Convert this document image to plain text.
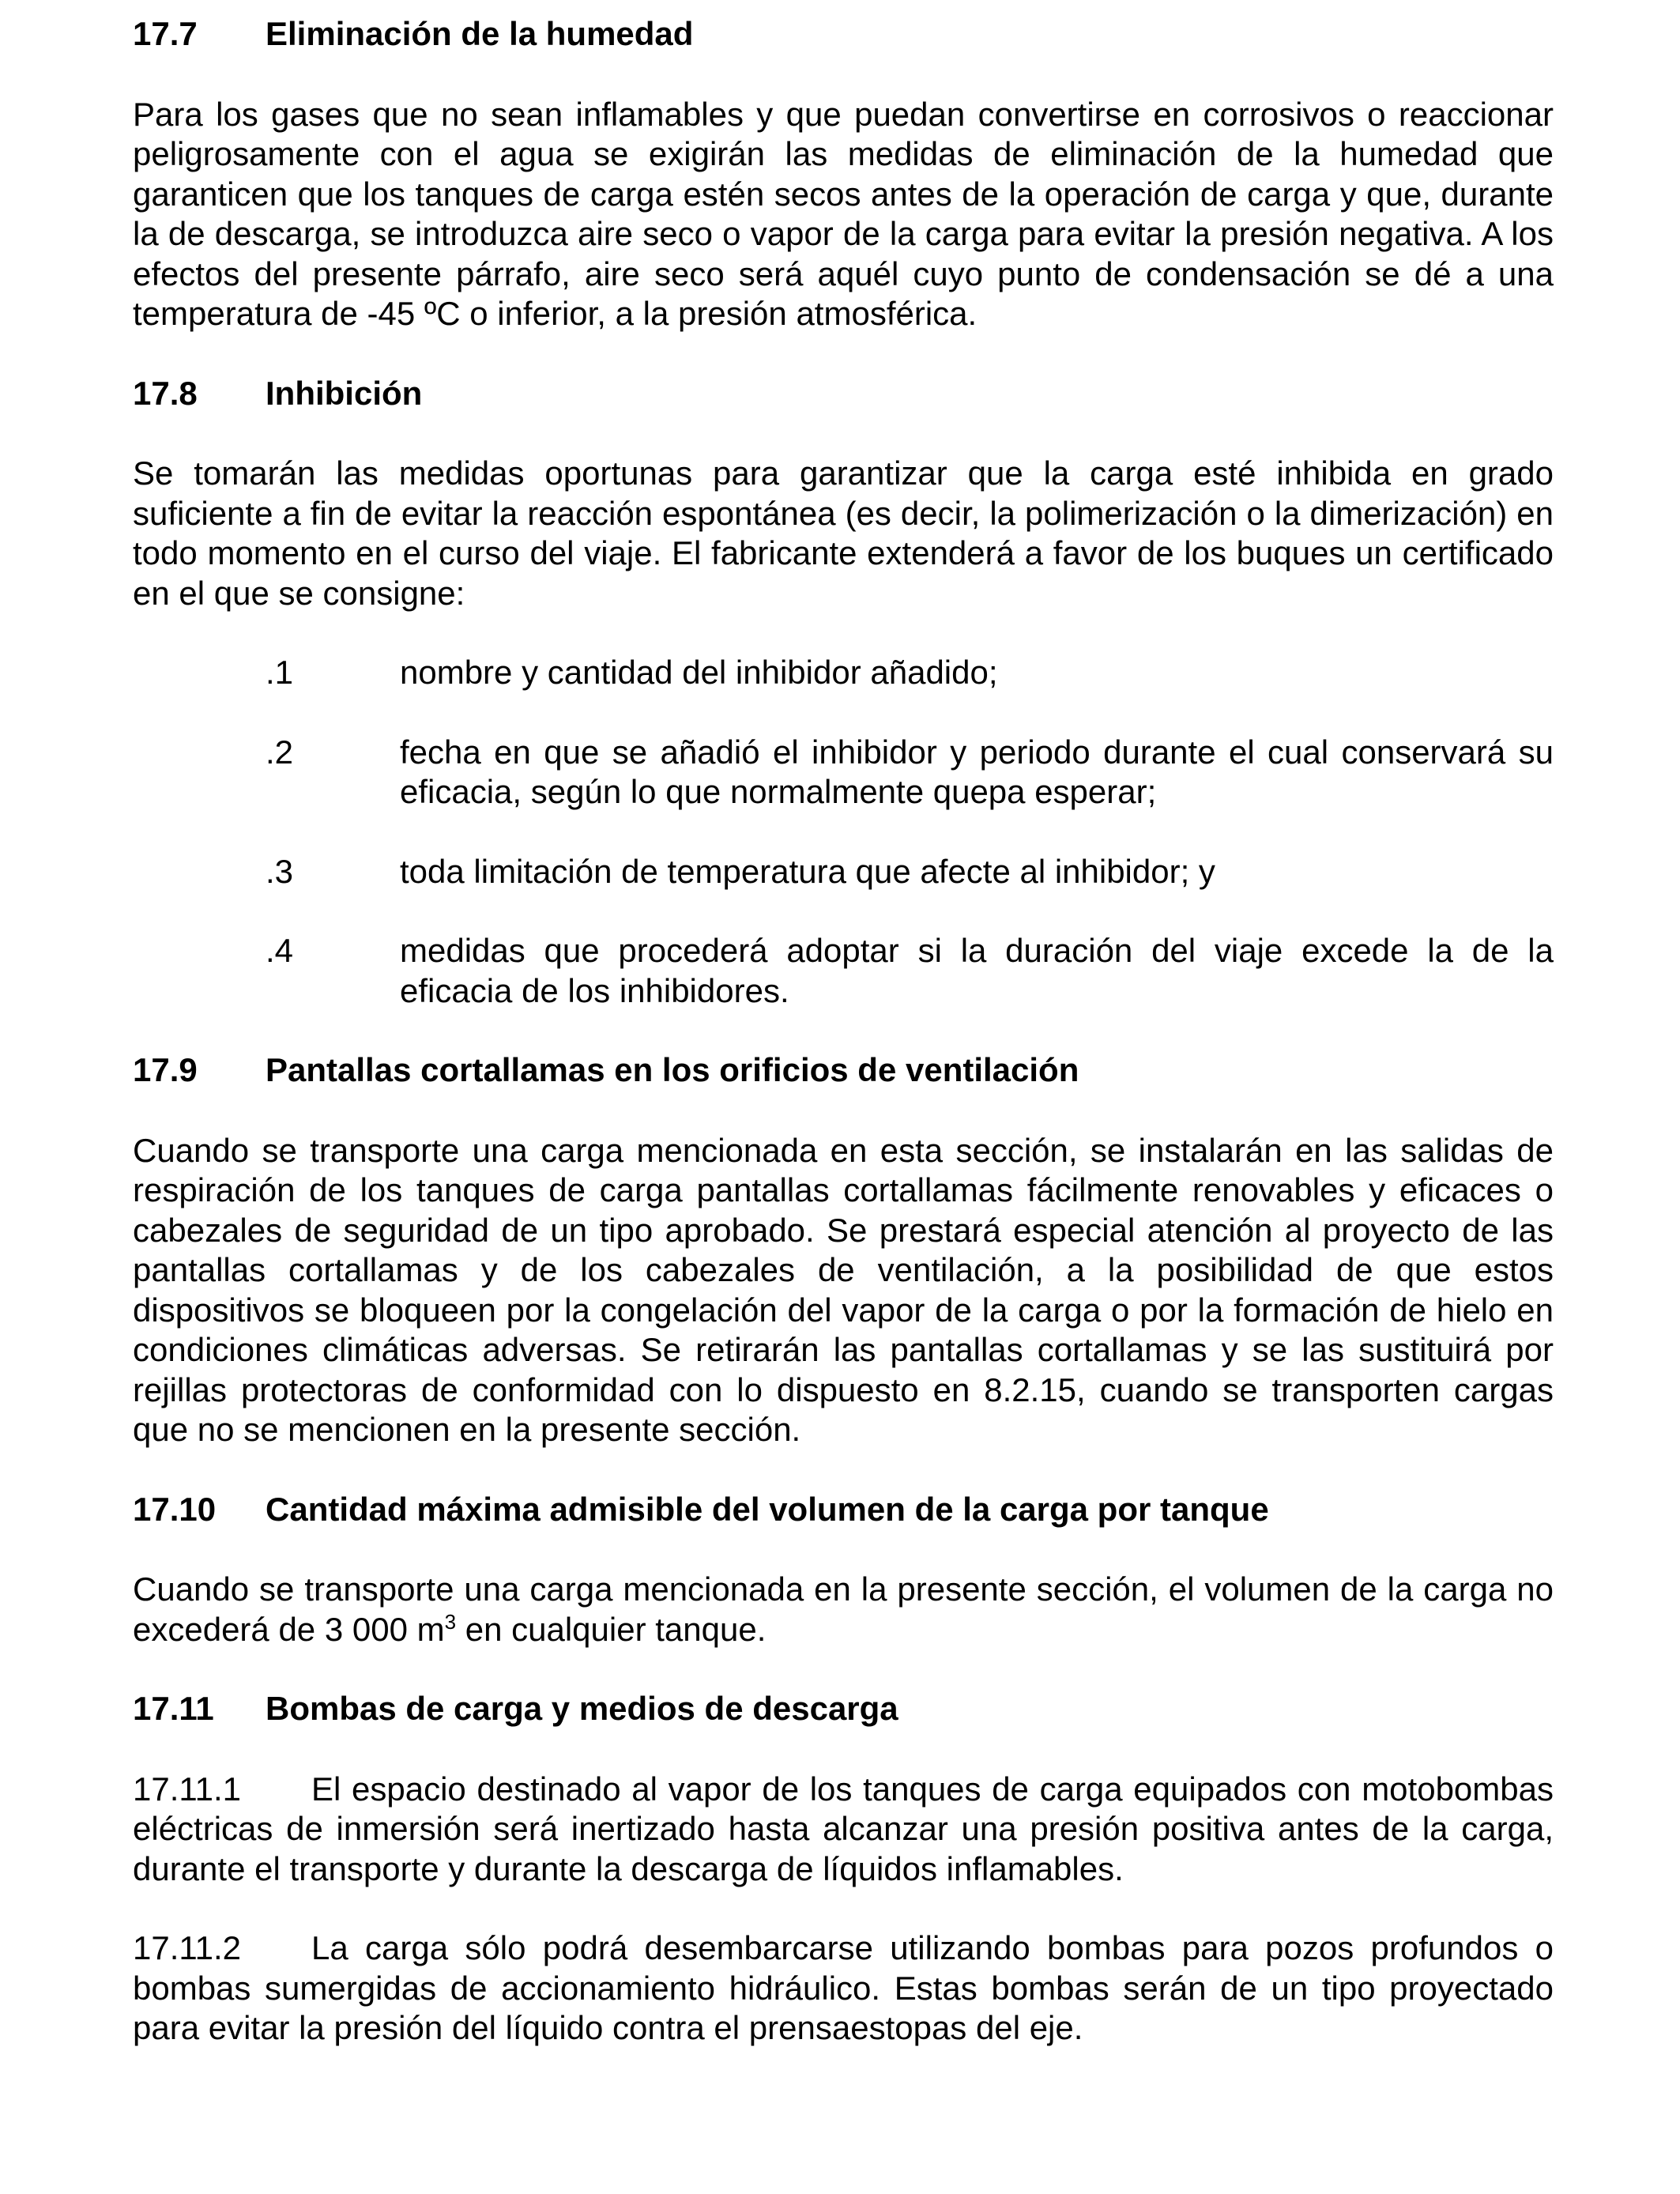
17.7	Eliminación de la humedad

Para los gases que no sean inflamables y que puedan convertirse en corrosivos o reaccionar peligrosamente con el agua se exigirán las medidas de eliminación de la humedad que garanticen que los tanques de carga estén secos antes de la operación de carga y que, durante la de descarga, se introduzca aire seco o vapor de la carga para evitar la presión negativa. A los efectos del presente párrafo, aire seco será aquél cuyo punto de condensación se dé a una temperatura de -45 ºC o inferior, a la presión atmosférica.

17.8	Inhibición

Se tomarán las medidas oportunas para garantizar que la carga esté inhibida en grado suficiente a fin de evitar la reacción espontánea (es decir, la polimerización o la dimerización) en todo momento en el curso del viaje. El fabricante extenderá a favor de los buques un certificado en el que se consigne:

.1	nombre y cantidad del inhibidor añadido;
.2	fecha en que se añadió el inhibidor y periodo durante el cual conservará su eficacia, según lo que normalmente quepa esperar;
.3	toda limitación de temperatura que afecte al inhibidor; y
.4	medidas que procederá adoptar si la duración del viaje excede la de la eficacia de los inhibidores.
17.9	Pantallas cortallamas en los orificios de ventilación

Cuando se transporte una carga mencionada en esta sección, se instalarán en las salidas de respiración de los tanques de carga pantallas cortallamas fácilmente renovables y eficaces o cabezales de seguridad de un tipo aprobado. Se prestará especial atención al proyecto de las pantallas cortallamas y de los cabezales de ventilación, a la posibilidad de que estos dispositivos se bloqueen por la congelación del vapor de la carga o por la formación de hielo en condiciones climáticas adversas. Se retirarán las pantallas cortallamas y se las sustituirá por rejillas protectoras de conformidad con lo dispuesto en 8.2.15, cuando se transporten cargas que no se mencionen en la presente sección.

17.10	Cantidad máxima admisible del volumen de la carga por tanque

Cuando se transporte una carga mencionada en la presente sección, el volumen de la carga no excederá de 3 000 $m^3$ en cualquier tanque.

17.11	Bombas de carga y medios de descarga

17.11.1 El espacio destinado al vapor de los tanques de carga equipados con motobombas eléctricas de inmersión será inertizado hasta alcanzar una presión positiva antes de la carga, durante el transporte y durante la descarga de líquidos inflamables.

17.11.2 La carga sólo podrá desembarcarse utilizando bombas para pozos profundos o bombas sumergidas de accionamiento hidráulico. Estas bombas serán de un tipo proyectado para evitar la presión del líquido contra el prensaestopas del eje.
